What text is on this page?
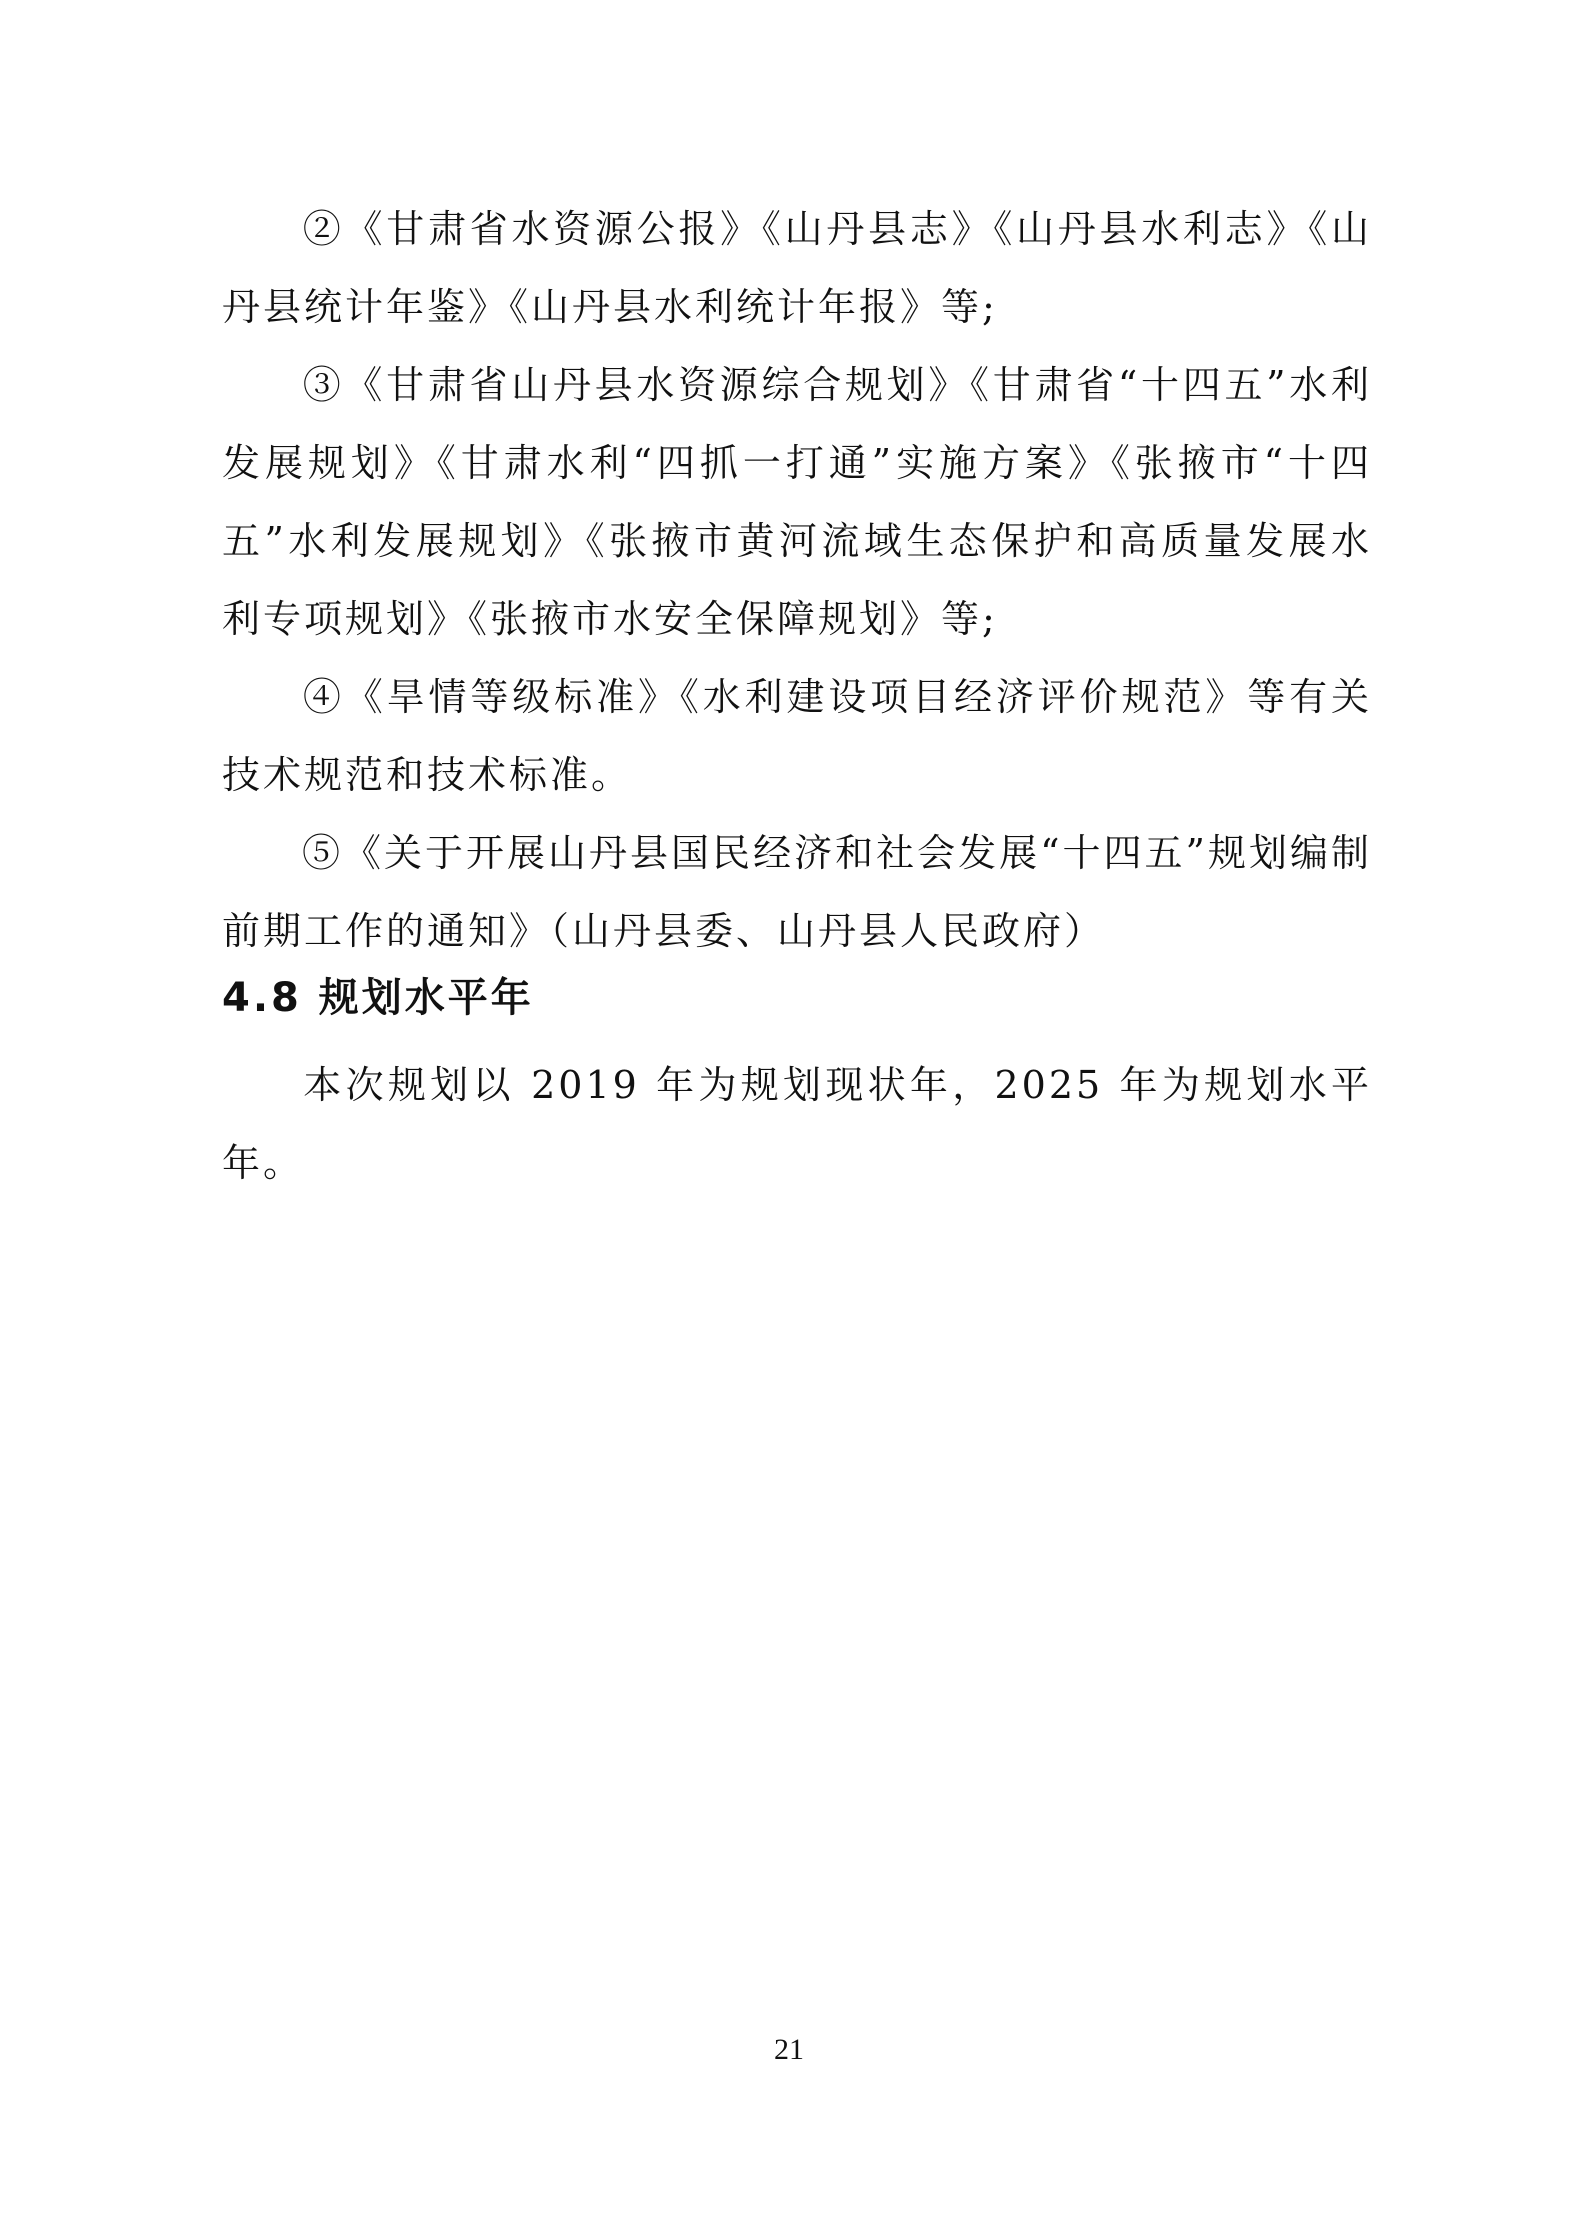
②《甘肃省水资源公报》《山丹县志》《山丹县水利志》《山丹县统计年鉴》《山丹县水利统计年报》等;

③《甘肃省山丹县水资源综合规划》《甘肃省“十四五”水利发展规划》《甘肃水利“四抓一打通”实施方案》《张掖市“十四五”水利发展规划》《张掖市黄河流域生态保护和高质量发展水利专项规划》《张掖市水安全保障规划》等;

④《旱情等级标准》《水利建设项目经济评价规范》等有关技术规范和技术标准。

⑤《关于开展山丹县国民经济和社会发展“十四五”规划编制前期工作的通知》（山丹县委、山丹县人民政府）

4.8 规划水平年

本次规划以 2019 年为规划现状年，2025 年为规划水平年。

21
